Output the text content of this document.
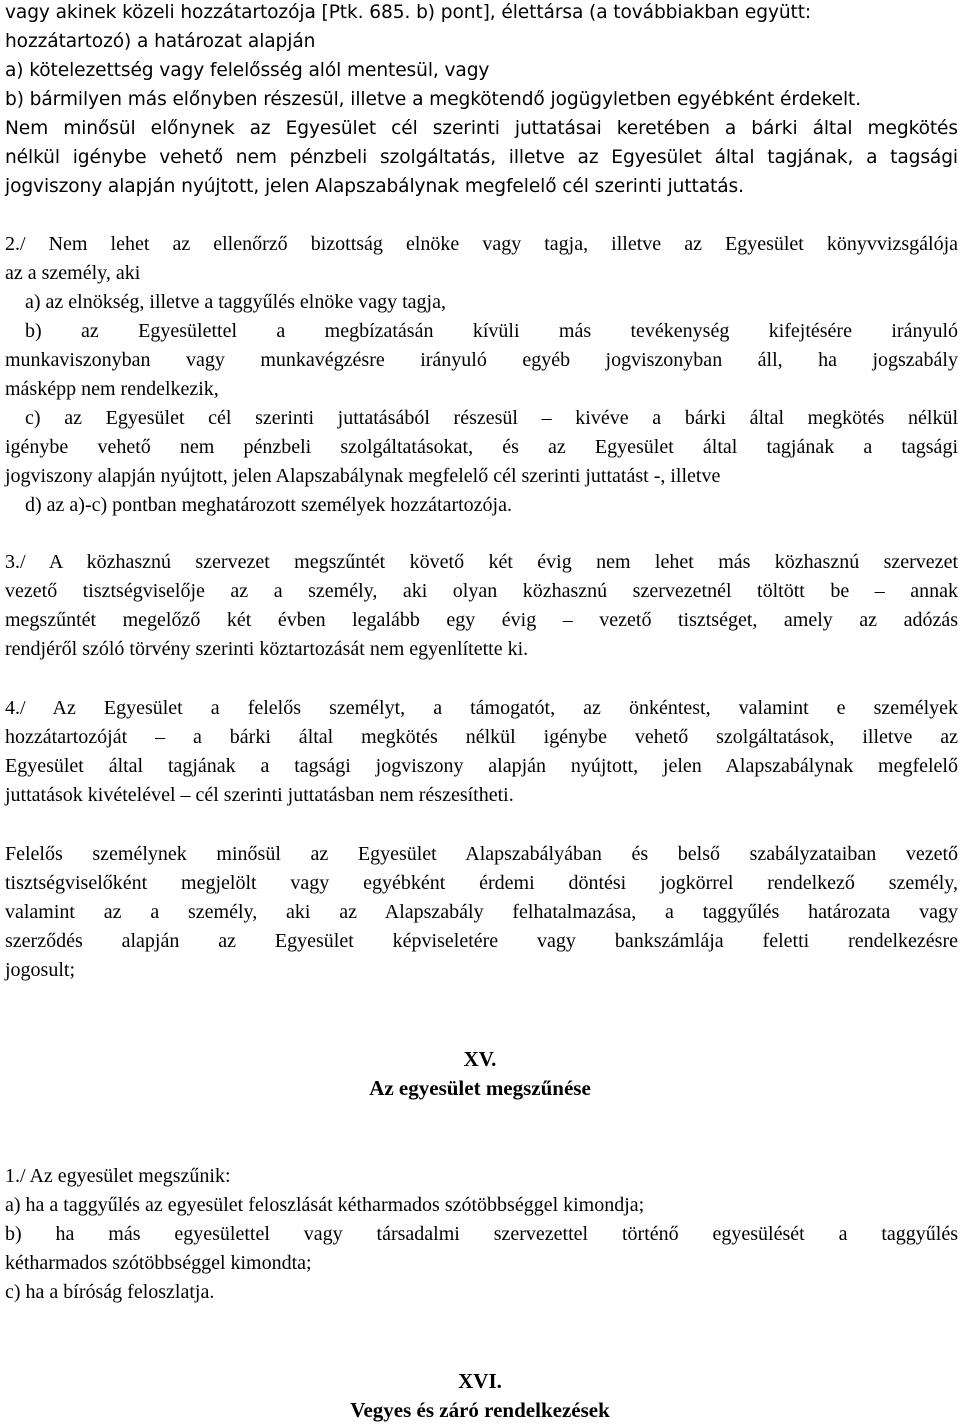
vagy akinek közeli hozzátartozója [Ptk. 685. b) pont], élettársa (a továbbiakban együtt:

hozzátartozó) a határozat alapján

a) kötelezettség vagy felelősség alól mentesül, vagy

b) bármilyen más előnyben részesül, illetve a megkötendő jogügyletben egyébként érdekelt.

Nem minősül előnynek az Egyesület cél szerinti juttatásai keretében a bárki által megkötés

nélkül igénybe vehető nem pénzbeli szolgáltatás, illetve az Egyesület által tagjának, a tagsági

jogviszony alapján nyújtott, jelen Alapszabálynak megfelelő cél szerinti juttatás.

2./ Nem lehet az ellenőrző bizottság elnöke vagy tagja, illetve az Egyesület könyvvizsgálója

az a személy, aki

a) az elnökség, illetve a taggyűlés elnöke vagy tagja,

b) az Egyesülettel a megbízatásán kívüli más tevékenység kifejtésére irányuló

munkaviszonyban vagy munkavégzésre irányuló egyéb jogviszonyban áll, ha jogszabály

másképp nem rendelkezik,

c) az Egyesület cél szerinti juttatásából részesül – kivéve a bárki által megkötés nélkül

igénybe vehető nem pénzbeli szolgáltatásokat, és az Egyesület által tagjának a tagsági

jogviszony alapján nyújtott, jelen Alapszabálynak megfelelő cél szerinti juttatást -, illetve

d) az a)-c) pontban meghatározott személyek hozzátartozója.

3./ A közhasznú szervezet megszűntét követő két évig nem lehet más közhasznú szervezet

vezető tisztségviselője az a személy, aki olyan közhasznú szervezetnél töltött be – annak

megszűntét megelőző két évben legalább egy évig – vezető tisztséget, amely az adózás

rendjéről szóló törvény szerinti köztartozását nem egyenlítette ki.

4./ Az Egyesület a felelős személyt, a támogatót, az önkéntest, valamint e személyek

hozzátartozóját – a bárki által megkötés nélkül igénybe vehető szolgáltatások, illetve az

Egyesület által tagjának a tagsági jogviszony alapján nyújtott, jelen Alapszabálynak megfelelő

juttatások kivételével – cél szerinti juttatásban nem részesítheti.

Felelős személynek minősül az Egyesület Alapszabályában és belső szabályzataiban vezető

tisztségviselőként megjelölt vagy egyébként érdemi döntési jogkörrel rendelkező személy,

valamint az a személy, aki az Alapszabály felhatalmazása, a taggyűlés határozata vagy

szerződés alapján az Egyesület képviseletére vagy bankszámlája feletti rendelkezésre

jogosult;

XV.
Az egyesület megszűnése

1./ Az egyesület megszűnik:

a) ha a taggyűlés az egyesület feloszlását kétharmados szótöbbséggel kimondja;

b) ha más egyesülettel vagy társadalmi szervezettel történő egyesülését a taggyűlés

kétharmados szótöbbséggel kimondta;

c) ha a bíróság feloszlatja.

XVI.
Vegyes és záró rendelkezések
